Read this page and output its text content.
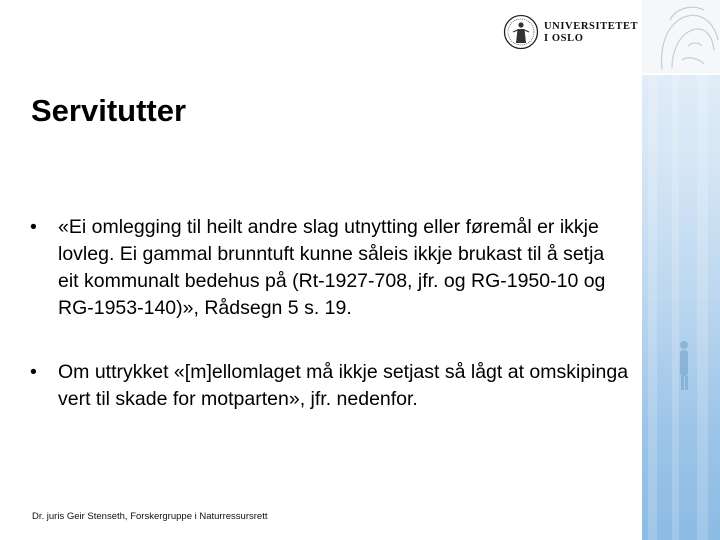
UNIVERSITETET
I OSLO
Servitutter
• «Ei omlegging til heilt andre slag utnytting eller føremål er ikkje lovleg. Ei gammal brunntuft kunne såleis ikkje brukast til å setja eit kommunalt bedehus på (Rt-1927-708, jfr. og RG-1950-10 og RG-1953-140)», Rådsegn 5 s. 19.
• Om uttrykket «[m]ellomlaget må ikkje setjast så lågt at omskipinga vert til skade for motparten», jfr. nedenfor.
Dr. juris Geir Stenseth, Forskergruppe i Naturressursrett
